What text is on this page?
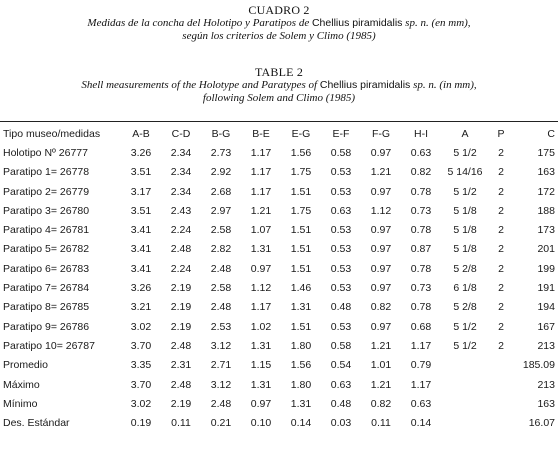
CUADRO 2
Medidas de la concha del Holotipo y Paratipos de Chellius piramidalis sp. n. (en mm),
según los criterios de Solem y Climo (1985)
TABLE 2
Shell measurements of the Holotype and Paratypes of Chellius piramidalis sp. n. (in mm),
following Solem and Climo (1985)
Tipo museo/medidas	A-B	C-D	B-G	B-E	E-G	E-F	F-G	H-I	A	P	C
Holotipo Nº 26777	3.26	2.34	2.73	1.17	1.56	0.58	0.97	0.63	5 1/2	2	175
Paratipo 1= 26778	3.51	2.34	2.92	1.17	1.75	0.53	1.21	0.82	5 14/16	2	163
Paratipo 2= 26779	3.17	2.34	2.68	1.17	1.51	0.53	0.97	0.78	5 1/2	2	172
Paratipo 3= 26780	3.51	2.43	2.97	1.21	1.75	0.63	1.12	0.73	5 1/8	2	188
Paratipo 4= 26781	3.41	2.24	2.58	1.07	1.51	0.53	0.97	0.78	5 1/8	2	173
Paratipo 5= 26782	3.41	2.48	2.82	1.31	1.51	0.53	0.97	0.87	5 1/8	2	201
Paratipo 6= 26783	3.41	2.24	2.48	0.97	1.51	0.53	0.97	0.78	5 2/8	2	199
Paratipo 7= 26784	3.26	2.19	2.58	1.12	1.46	0.53	0.97	0.73	6 1/8	2	191
Paratipo 8= 26785	3.21	2.19	2.48	1.17	1.31	0.48	0.82	0.78	5 2/8	2	194
Paratipo 9= 26786	3.02	2.19	2.53	1.02	1.51	0.53	0.97	0.68	5 1/2	2	167
Paratipo 10= 26787	3.70	2.48	3.12	1.31	1.80	0.58	1.21	1.17	5 1/2	2	213
Promedio	3.35	2.31	2.71	1.15	1.56	0.54	1.01	0.79			185.09
Máximo	3.70	2.48	3.12	1.31	1.80	0.63	1.21	1.17			213
Mínimo	3.02	2.19	2.48	0.97	1.31	0.48	0.82	0.63			163
Des. Estándar	0.19	0.11	0.21	0.10	0.14	0.03	0.11	0.14			16.07
